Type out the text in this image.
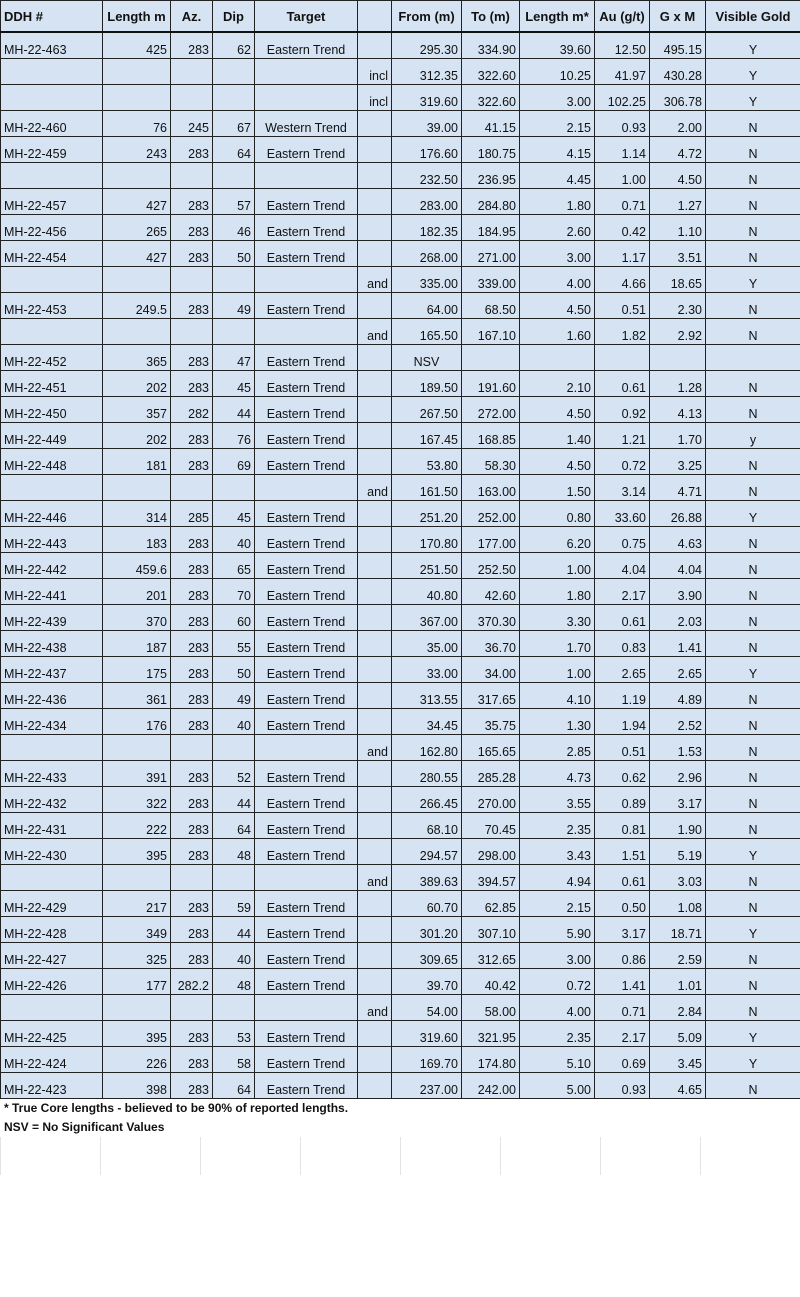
DDH #	Length m	Az.	Dip	Target		From (m)	To (m)	Length m*	Au (g/t)	G x M	Visible Gold
MH-22-463	425	283	62	Eastern Trend		295.30	334.90	39.60	12.50	495.15	Y
					incl	312.35	322.60	10.25	41.97	430.28	Y
					incl	319.60	322.60	3.00	102.25	306.78	Y
MH-22-460	76	245	67	Western Trend		39.00	41.15	2.15	0.93	2.00	N
MH-22-459	243	283	64	Eastern Trend		176.60	180.75	4.15	1.14	4.72	N
						232.50	236.95	4.45	1.00	4.50	N
MH-22-457	427	283	57	Eastern Trend		283.00	284.80	1.80	0.71	1.27	N
MH-22-456	265	283	46	Eastern Trend		182.35	184.95	2.60	0.42	1.10	N
MH-22-454	427	283	50	Eastern Trend		268.00	271.00	3.00	1.17	3.51	N
					and	335.00	339.00	4.00	4.66	18.65	Y
MH-22-453	249.5	283	49	Eastern Trend		64.00	68.50	4.50	0.51	2.30	N
					and	165.50	167.10	1.60	1.82	2.92	N
MH-22-452	365	283	47	Eastern Trend		NSV					
MH-22-451	202	283	45	Eastern Trend		189.50	191.60	2.10	0.61	1.28	N
MH-22-450	357	282	44	Eastern Trend		267.50	272.00	4.50	0.92	4.13	N
MH-22-449	202	283	76	Eastern Trend		167.45	168.85	1.40	1.21	1.70	y
MH-22-448	181	283	69	Eastern Trend		53.80	58.30	4.50	0.72	3.25	N
					and	161.50	163.00	1.50	3.14	4.71	N
MH-22-446	314	285	45	Eastern Trend		251.20	252.00	0.80	33.60	26.88	Y
MH-22-443	183	283	40	Eastern Trend		170.80	177.00	6.20	0.75	4.63	N
MH-22-442	459.6	283	65	Eastern Trend		251.50	252.50	1.00	4.04	4.04	N
MH-22-441	201	283	70	Eastern Trend		40.80	42.60	1.80	2.17	3.90	N
MH-22-439	370	283	60	Eastern Trend		367.00	370.30	3.30	0.61	2.03	N
MH-22-438	187	283	55	Eastern Trend		35.00	36.70	1.70	0.83	1.41	N
MH-22-437	175	283	50	Eastern Trend		33.00	34.00	1.00	2.65	2.65	Y
MH-22-436	361	283	49	Eastern Trend		313.55	317.65	4.10	1.19	4.89	N
MH-22-434	176	283	40	Eastern Trend		34.45	35.75	1.30	1.94	2.52	N
					and	162.80	165.65	2.85	0.51	1.53	N
MH-22-433	391	283	52	Eastern Trend		280.55	285.28	4.73	0.62	2.96	N
MH-22-432	322	283	44	Eastern Trend		266.45	270.00	3.55	0.89	3.17	N
MH-22-431	222	283	64	Eastern Trend		68.10	70.45	2.35	0.81	1.90	N
MH-22-430	395	283	48	Eastern Trend		294.57	298.00	3.43	1.51	5.19	Y
					and	389.63	394.57	4.94	0.61	3.03	N
MH-22-429	217	283	59	Eastern Trend		60.70	62.85	2.15	0.50	1.08	N
MH-22-428	349	283	44	Eastern Trend		301.20	307.10	5.90	3.17	18.71	Y
MH-22-427	325	283	40	Eastern Trend		309.65	312.65	3.00	0.86	2.59	N
MH-22-426	177	282.2	48	Eastern Trend		39.70	40.42	0.72	1.41	1.01	N
					and	54.00	58.00	4.00	0.71	2.84	N
MH-22-425	395	283	53	Eastern Trend		319.60	321.95	2.35	2.17	5.09	Y
MH-22-424	226	283	58	Eastern Trend		169.70	174.80	5.10	0.69	3.45	Y
MH-22-423	398	283	64	Eastern Trend		237.00	242.00	5.00	0.93	4.65	N
* True Core lengths - believed to be 90% of reported lengths.
NSV = No Significant Values
